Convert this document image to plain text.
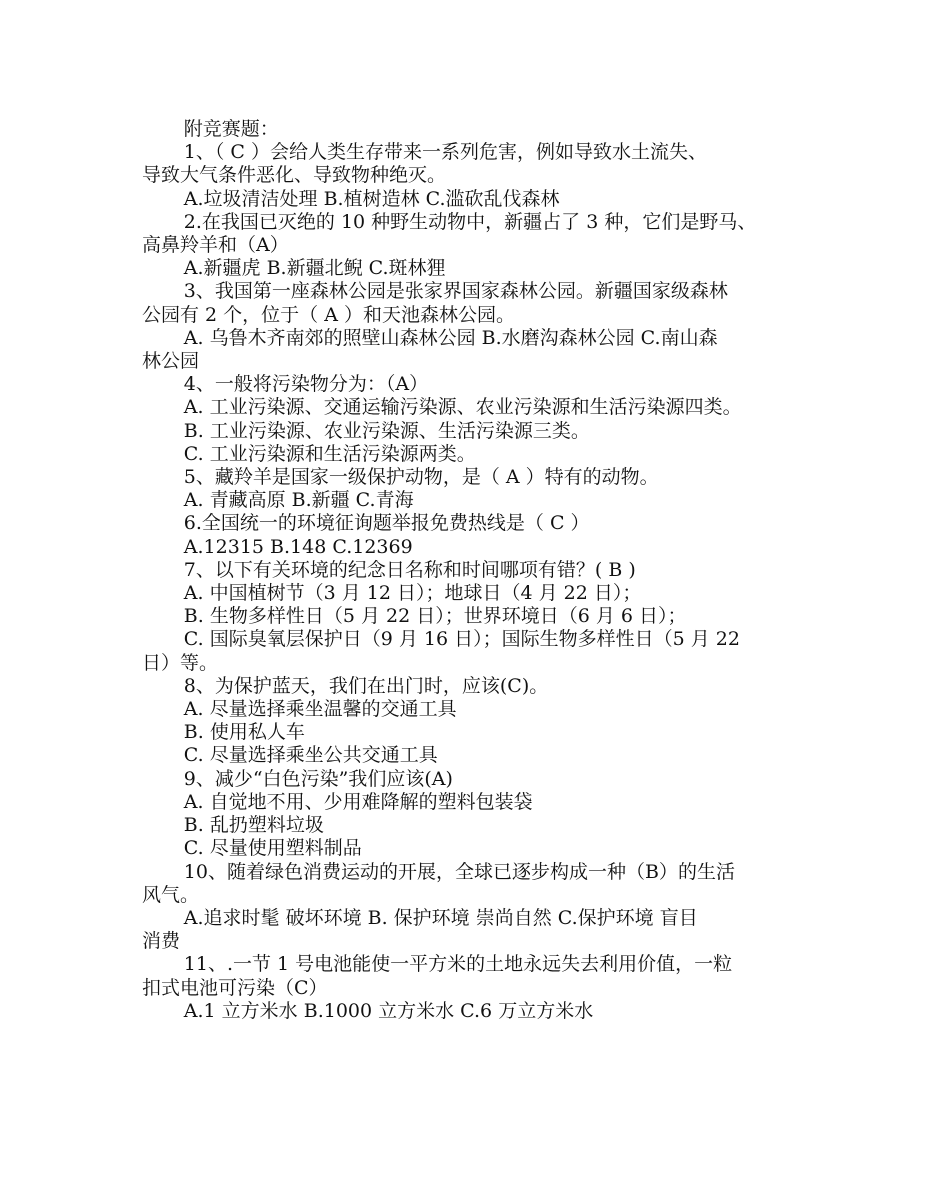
附竞赛题：
1、（ C ）会给人类生存带来一系列危害，例如导致水土流失、
导致大气条件恶化、导致物种绝灭。
A.垃圾清洁处理 B.植树造林 C.滥砍乱伐森林
2.在我国已灭绝的 10 种野生动物中，新疆占了 3 种，它们是野马、
高鼻羚羊和（A）
A.新疆虎 B.新疆北鲵 C.斑林狸
3、我国第一座森林公园是张家界国家森林公园。新疆国家级森林
公园有 2 个，位于（ A ）和天池森林公园。
A. 乌鲁木齐南郊的照壁山森林公园 B.水磨沟森林公园 C.南山森
林公园
4、一般将污染物分为：（A）
A. 工业污染源、交通运输污染源、农业污染源和生活污染源四类。
B. 工业污染源、农业污染源、生活污染源三类。
C. 工业污染源和生活污染源两类。
5、藏羚羊是国家一级保护动物，是（ A ）特有的动物。
A. 青藏高原 B.新疆 C.青海
6.全国统一的环境征询题举报免费热线是（ C ）
A.12315 B.148 C.12369
7、以下有关环境的纪念日名称和时间哪项有错？( B )
A. 中国植树节（3 月 12 日）；地球日（4 月 22 日）；
B. 生物多样性日（5 月 22 日）；世界环境日（6 月 6 日）；
C. 国际臭氧层保护日（9 月 16 日）；国际生物多样性日（5 月 22
日）等。
8、为保护蓝天，我们在出门时，应该(C)。
A. 尽量选择乘坐温馨的交通工具
B. 使用私人车
C. 尽量选择乘坐公共交通工具
9、减少“白色污染”我们应该(A)
A. 自觉地不用、少用难降解的塑料包装袋
B. 乱扔塑料垃圾
C. 尽量使用塑料制品
10、随着绿色消费运动的开展，全球已逐步构成一种（B）的生活
风气。
A.追求时髦 破坏环境 B. 保护环境 崇尚自然 C.保护环境 盲目
消费
11、.一节 1 号电池能使一平方米的土地永远失去利用价值，一粒
扣式电池可污染（C）
A.1 立方米水 B.1000 立方米水 C.6 万立方米水
